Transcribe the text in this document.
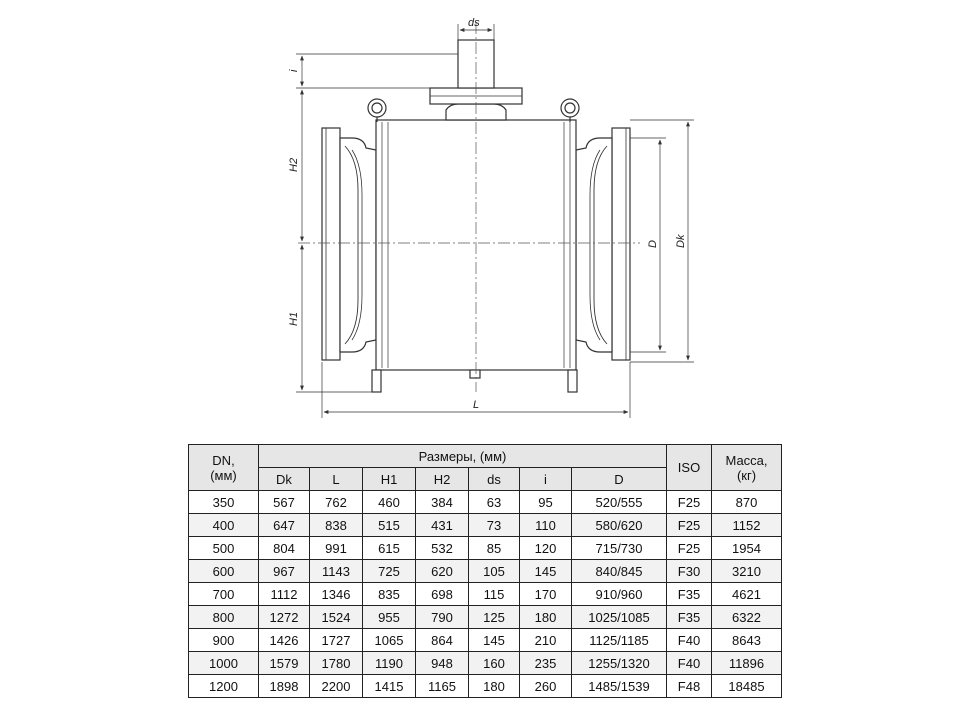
ds
i
H2
H1
D Dk
L
DN,
(мм)	Размеры, (мм)							ISO	Масса,
(кг)
	Dk	L	H1	H2	ds	i	D		
350	567	762	460	384	63	95	520/555	F25	870
400	647	838	515	431	73	110	580/620	F25	1152
500	804	991	615	532	85	120	715/730	F25	1954
600	967	1143	725	620	105	145	840/845	F30	3210
700	1112	1346	835	698	115	170	910/960	F35	4621
800	1272	1524	955	790	125	180	1025/1085	F35	6322
900	1426	1727	1065	864	145	210	1125/1185	F40	8643
1000	1579	1780	1190	948	160	235	1255/1320	F40	11896
1200	1898	2200	1415	1165	180	260	1485/1539	F48	18485
